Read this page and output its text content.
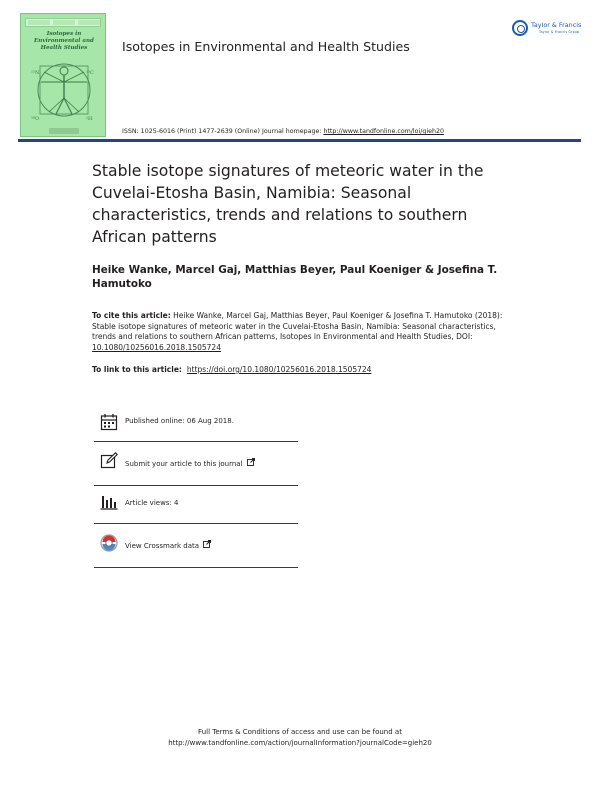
Isotopes in Environmental and Health Studies
¹⁵N	¹³C
¹⁸O	²H
Isotopes in Environmental and Health Studies
ISSN: 1025-6016 (Print) 1477-2639 (Online) Journal homepage: http://www.tandfonline.com/loi/gieh20
Taylor & Francis
Taylor & Francis Group
Stable isotope signatures of meteoric water in the Cuvelai-Etosha Basin, Namibia: Seasonal characteristics, trends and relations to southern African patterns
Heike Wanke, Marcel Gaj, Matthias Beyer, Paul Koeniger & Josefina T. Hamutoko
To cite this article: Heike Wanke, Marcel Gaj, Matthias Beyer, Paul Koeniger & Josefina T. Hamutoko (2018): Stable isotope signatures of meteoric water in the Cuvelai-Etosha Basin, Namibia: Seasonal characteristics, trends and relations to southern African patterns, Isotopes in Environmental and Health Studies, DOI: 10.1080/10256016.2018.1505724
To link to this article: https://doi.org/10.1080/10256016.2018.1505724
Published online: 06 Aug 2018.
Submit your article to this journal
Article views: 4
View Crossmark data
Full Terms & Conditions of access and use can be found at
http://www.tandfonline.com/action/journalInformation?journalCode=gieh20
